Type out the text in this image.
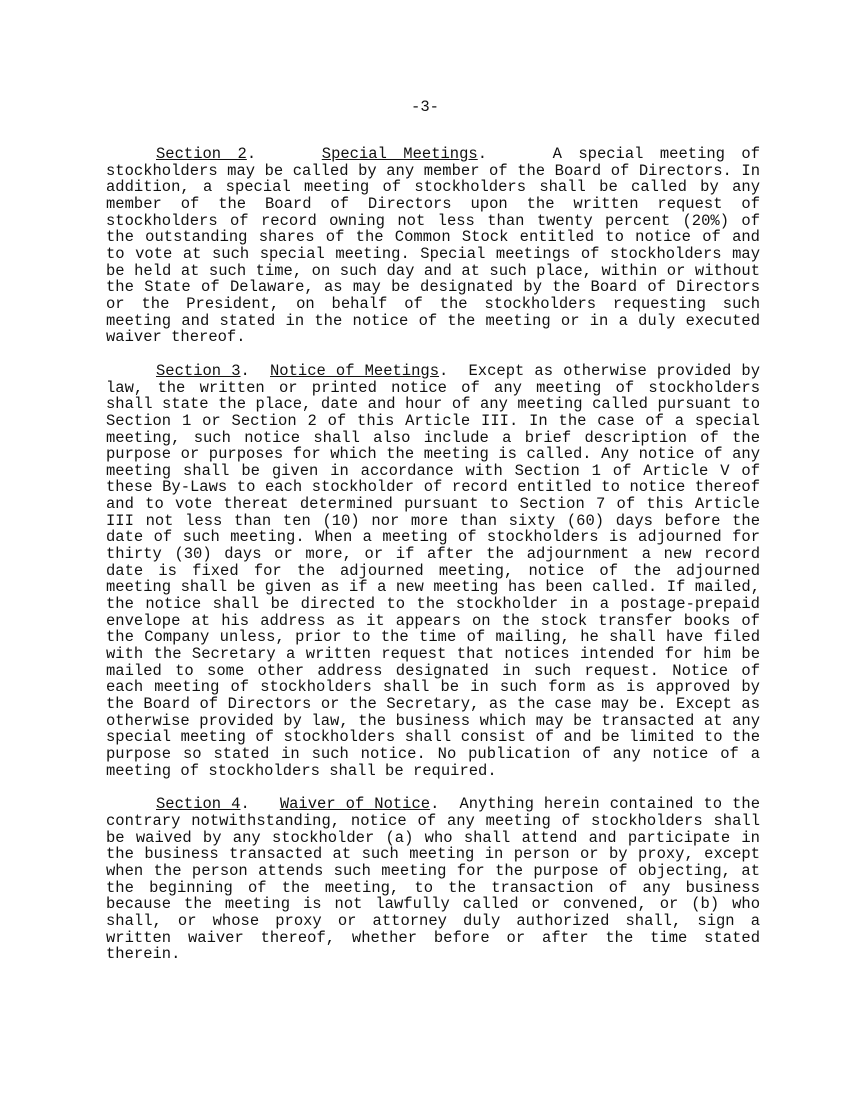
-3-

Section 2.    Special Meetings.    A special meeting of stockholders may be called by any member of the Board of Directors. In addition, a special meeting of stockholders shall be called by any member of the Board of Directors upon the written request of stockholders of record owning not less than twenty percent (20%) of the outstanding shares of the Common Stock entitled to notice of and to vote at such special meeting. Special meetings of stockholders may be held at such time, on such day and at such place, within or without the State of Delaware, as may be designated by the Board of Directors or the President, on behalf of the stockholders requesting such meeting and stated in the notice of the meeting or in a duly executed waiver thereof.

Section 3.  Notice of Meetings.  Except as otherwise provided by law, the written or printed notice of any meeting of stockholders shall state the place, date and hour of any meeting called pursuant to Section 1 or Section 2 of this Article III. In the case of a special meeting, such notice shall also include a brief description of the purpose or purposes for which the meeting is called. Any notice of any meeting shall be given in accordance with Section 1 of Article V of these By-Laws to each stockholder of record entitled to notice thereof and to vote thereat determined pursuant to Section 7 of this Article III not less than ten (10) nor more than sixty (60) days before the date of such meeting. When a meeting of stockholders is adjourned for thirty (30) days or more, or if after the adjournment a new record date is fixed for the adjourned meeting, notice of the adjourned meeting shall be given as if a new meeting has been called. If mailed, the notice shall be directed to the stockholder in a postage-prepaid envelope at his address as it appears on the stock transfer books of the Company unless, prior to the time of mailing, he shall have filed with the Secretary a written request that notices intended for him be mailed to some other address designated in such request. Notice of each meeting of stockholders shall be in such form as is approved by the Board of Directors or the Secretary, as the case may be. Except as otherwise provided by law, the business which may be transacted at any special meeting of stockholders shall consist of and be limited to the purpose so stated in such notice. No publication of any notice of a meeting of stockholders shall be required.

Section 4.   Waiver of Notice.  Anything herein contained to the contrary notwithstanding, notice of any meeting of stockholders shall be waived by any stockholder (a) who shall attend and participate in the business transacted at such meeting in person or by proxy, except when the person attends such meeting for the purpose of objecting, at the beginning of the meeting, to the transaction of any business because the meeting is not lawfully called or convened, or (b) who shall, or whose proxy or attorney duly authorized shall, sign a written waiver thereof, whether before or after the time stated therein.
